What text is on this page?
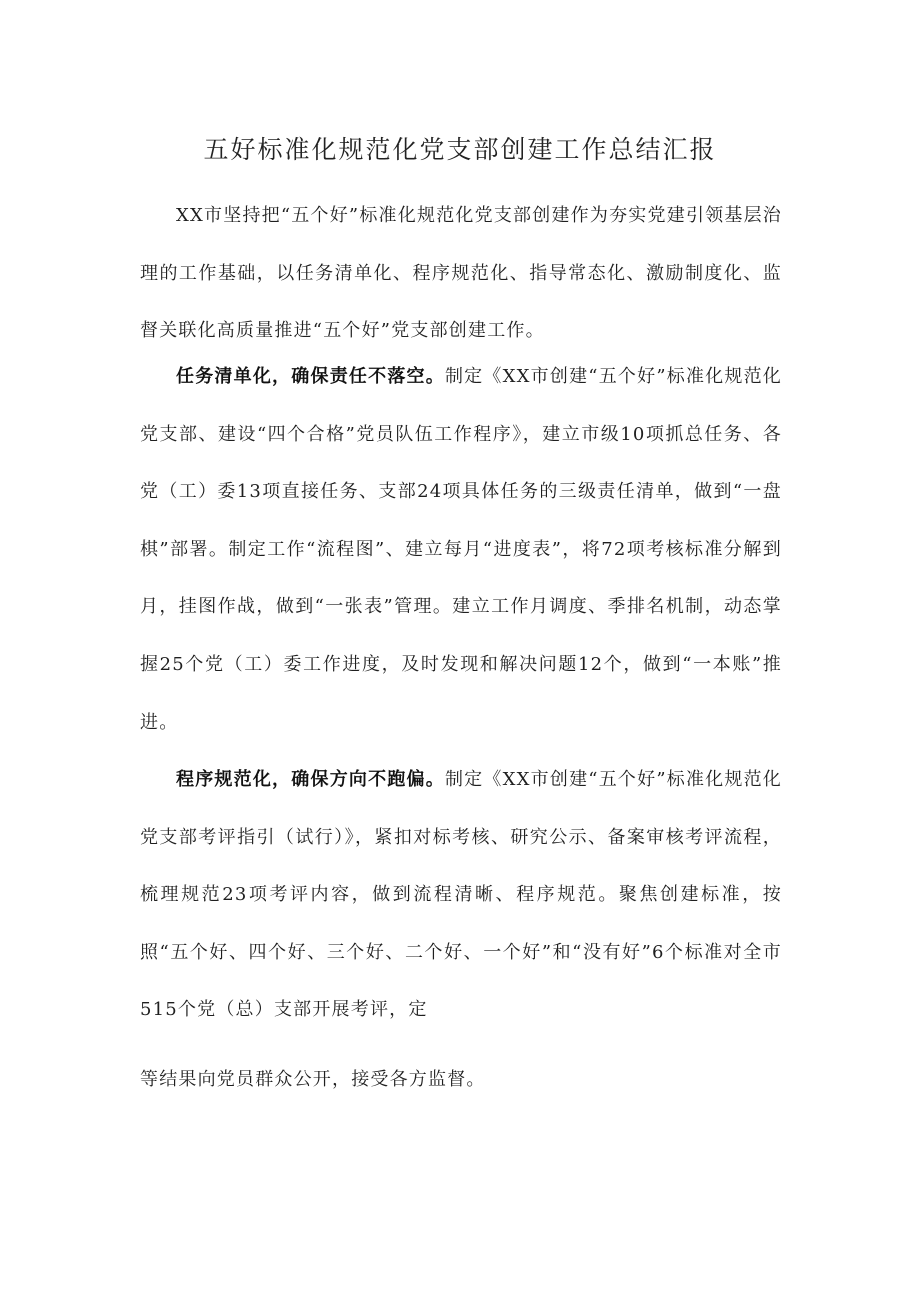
五好标准化规范化党支部创建工作总结汇报

XX市坚持把“五个好”标准化规范化党支部创建作为夯实党建引领基层治理的工作基础，以任务清单化、程序规范化、指导常态化、激励制度化、监督关联化高质量推进“五个好”党支部创建工作。

任务清单化，确保责任不落空。制定《XX市创建“五个好”标准化规范化党支部、建设“四个合格”党员队伍工作程序》，建立市级10项抓总任务、各党（工）委13项直接任务、支部24项具体任务的三级责任清单，做到“一盘棋”部署。制定工作“流程图”、建立每月“进度表”，将72项考核标准分解到月，挂图作战，做到“一张表”管理。建立工作月调度、季排名机制，动态掌握25个党（工）委工作进度，及时发现和解决问题12个，做到“一本账”推进。

程序规范化，确保方向不跑偏。制定《XX市创建“五个好”标准化规范化党支部考评指引（试行）》，紧扣对标考核、研究公示、备案审核考评流程，梳理规范23项考评内容，做到流程清晰、程序规范。聚焦创建标准，按照“五个好、四个好、三个好、二个好、一个好”和“没有好”6个标准对全市515个党（总）支部开展考评，定

等结果向党员群众公开，接受各方监督。
